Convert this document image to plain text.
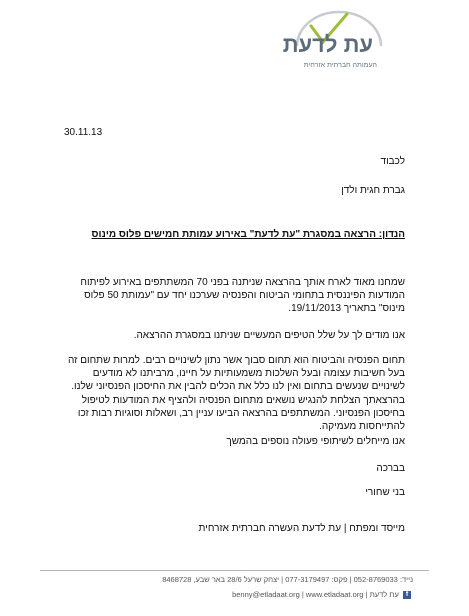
עת לדעת
העמותה חברתית אזרחית
30.11.13
לכבוד
גברת חגית ולדן
הנדון: הרצאה במסגרת "עת לדעת" באירוע עמותת חמישים פלוס מינוס

שמחנו מאוד לארח אותך בהרצאה שניתנה בפני 70 המשתתפים באירוע לפיתוח המודעות הפיננסית בתחומי הביטוח והפנסיה שערכנו יחד עם "עמותת 50 פלוס מינוס" בתאריך 19/11/2013.

אנו מודים לך על שלל הטיפים המעשיים שניתנו במסגרת ההרצאה.

תחום הפנסיה והביטוח הוא תחום סבוך אשר נתון לשינויים רבים. למרות שתחום זה בעל חשיבות עצומה ובעל השלכות משמעותיות על חיינו, מרביתנו לא מודעים לשינויים שנעשים בתחום ואין לנו כלל את הכלים להבין את החיסכון הפנסיוני שלנו.

בהרצאתך הצלחת להנגיש נושאים מתחום הפנסיה ולהציף את המודעות לטיפול בחיסכון הפנסיוני. המשתתפים בהרצאה הביעו עניין רב, ושאלות וסוגיות רבות זכו להתייחסות מעמיקה.

אנו מייחלים לשיתופי פעולה נוספים בהמשך

בברכה
בני שחורי
מייסד ומפתח | עת לדעת העשרה חברתית אזרחית
נייד: 052-8769033 | פקס: 077-3179497 | יצחק שרעל 28/6 באר שבע, 8468728
f עת לדעת | benny@etladaat.org | www.etladaat.org
